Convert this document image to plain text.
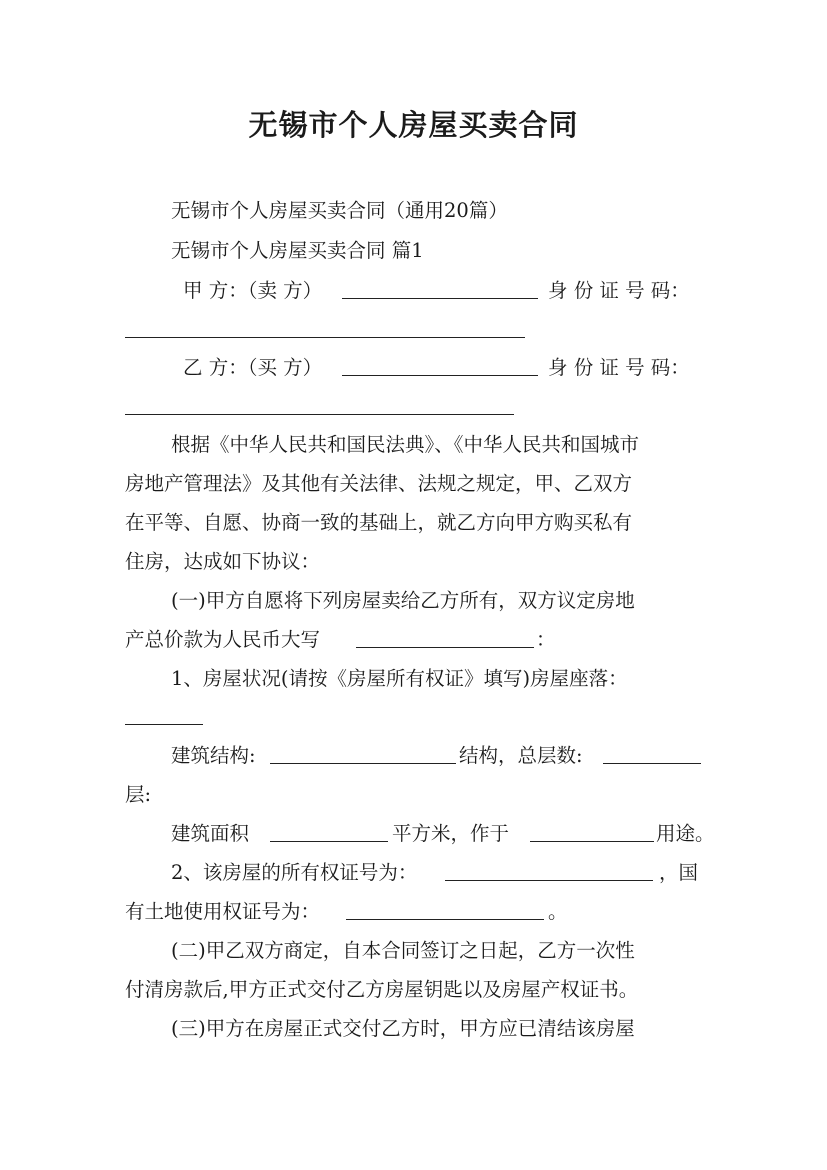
无锡市个人房屋买卖合同
无锡市个人房屋买卖合同（通用20篇）
无锡市个人房屋买卖合同 篇1
甲 方：（卖 方）	身 份 证 号 码：
乙 方：（买 方）	身 份 证 号 码：
根据《中华人民共和国民法典》、《中华人民共和国城市
房地产管理法》及其他有关法律、法规之规定，甲、乙双方
在平等、自愿、协商一致的基础上，就乙方向甲方购买私有
住房，达成如下协议：
(一)甲方自愿将下列房屋卖给乙方所有，双方议定房地
产总价款为人民币大写	：
1、房屋状况(请按《房屋所有权证》填写)房屋座落：
建筑结构:	结构，总层数:
层:
建筑面积	平方米，作于	用途。
2、该房屋的所有权证号为：	，国
有土地使用权证号为：	。
(二)甲乙双方商定，自本合同签订之日起，乙方一次性
付清房款后,甲方正式交付乙方房屋钥匙以及房屋产权证书。
(三)甲方在房屋正式交付乙方时，甲方应已清结该房屋
